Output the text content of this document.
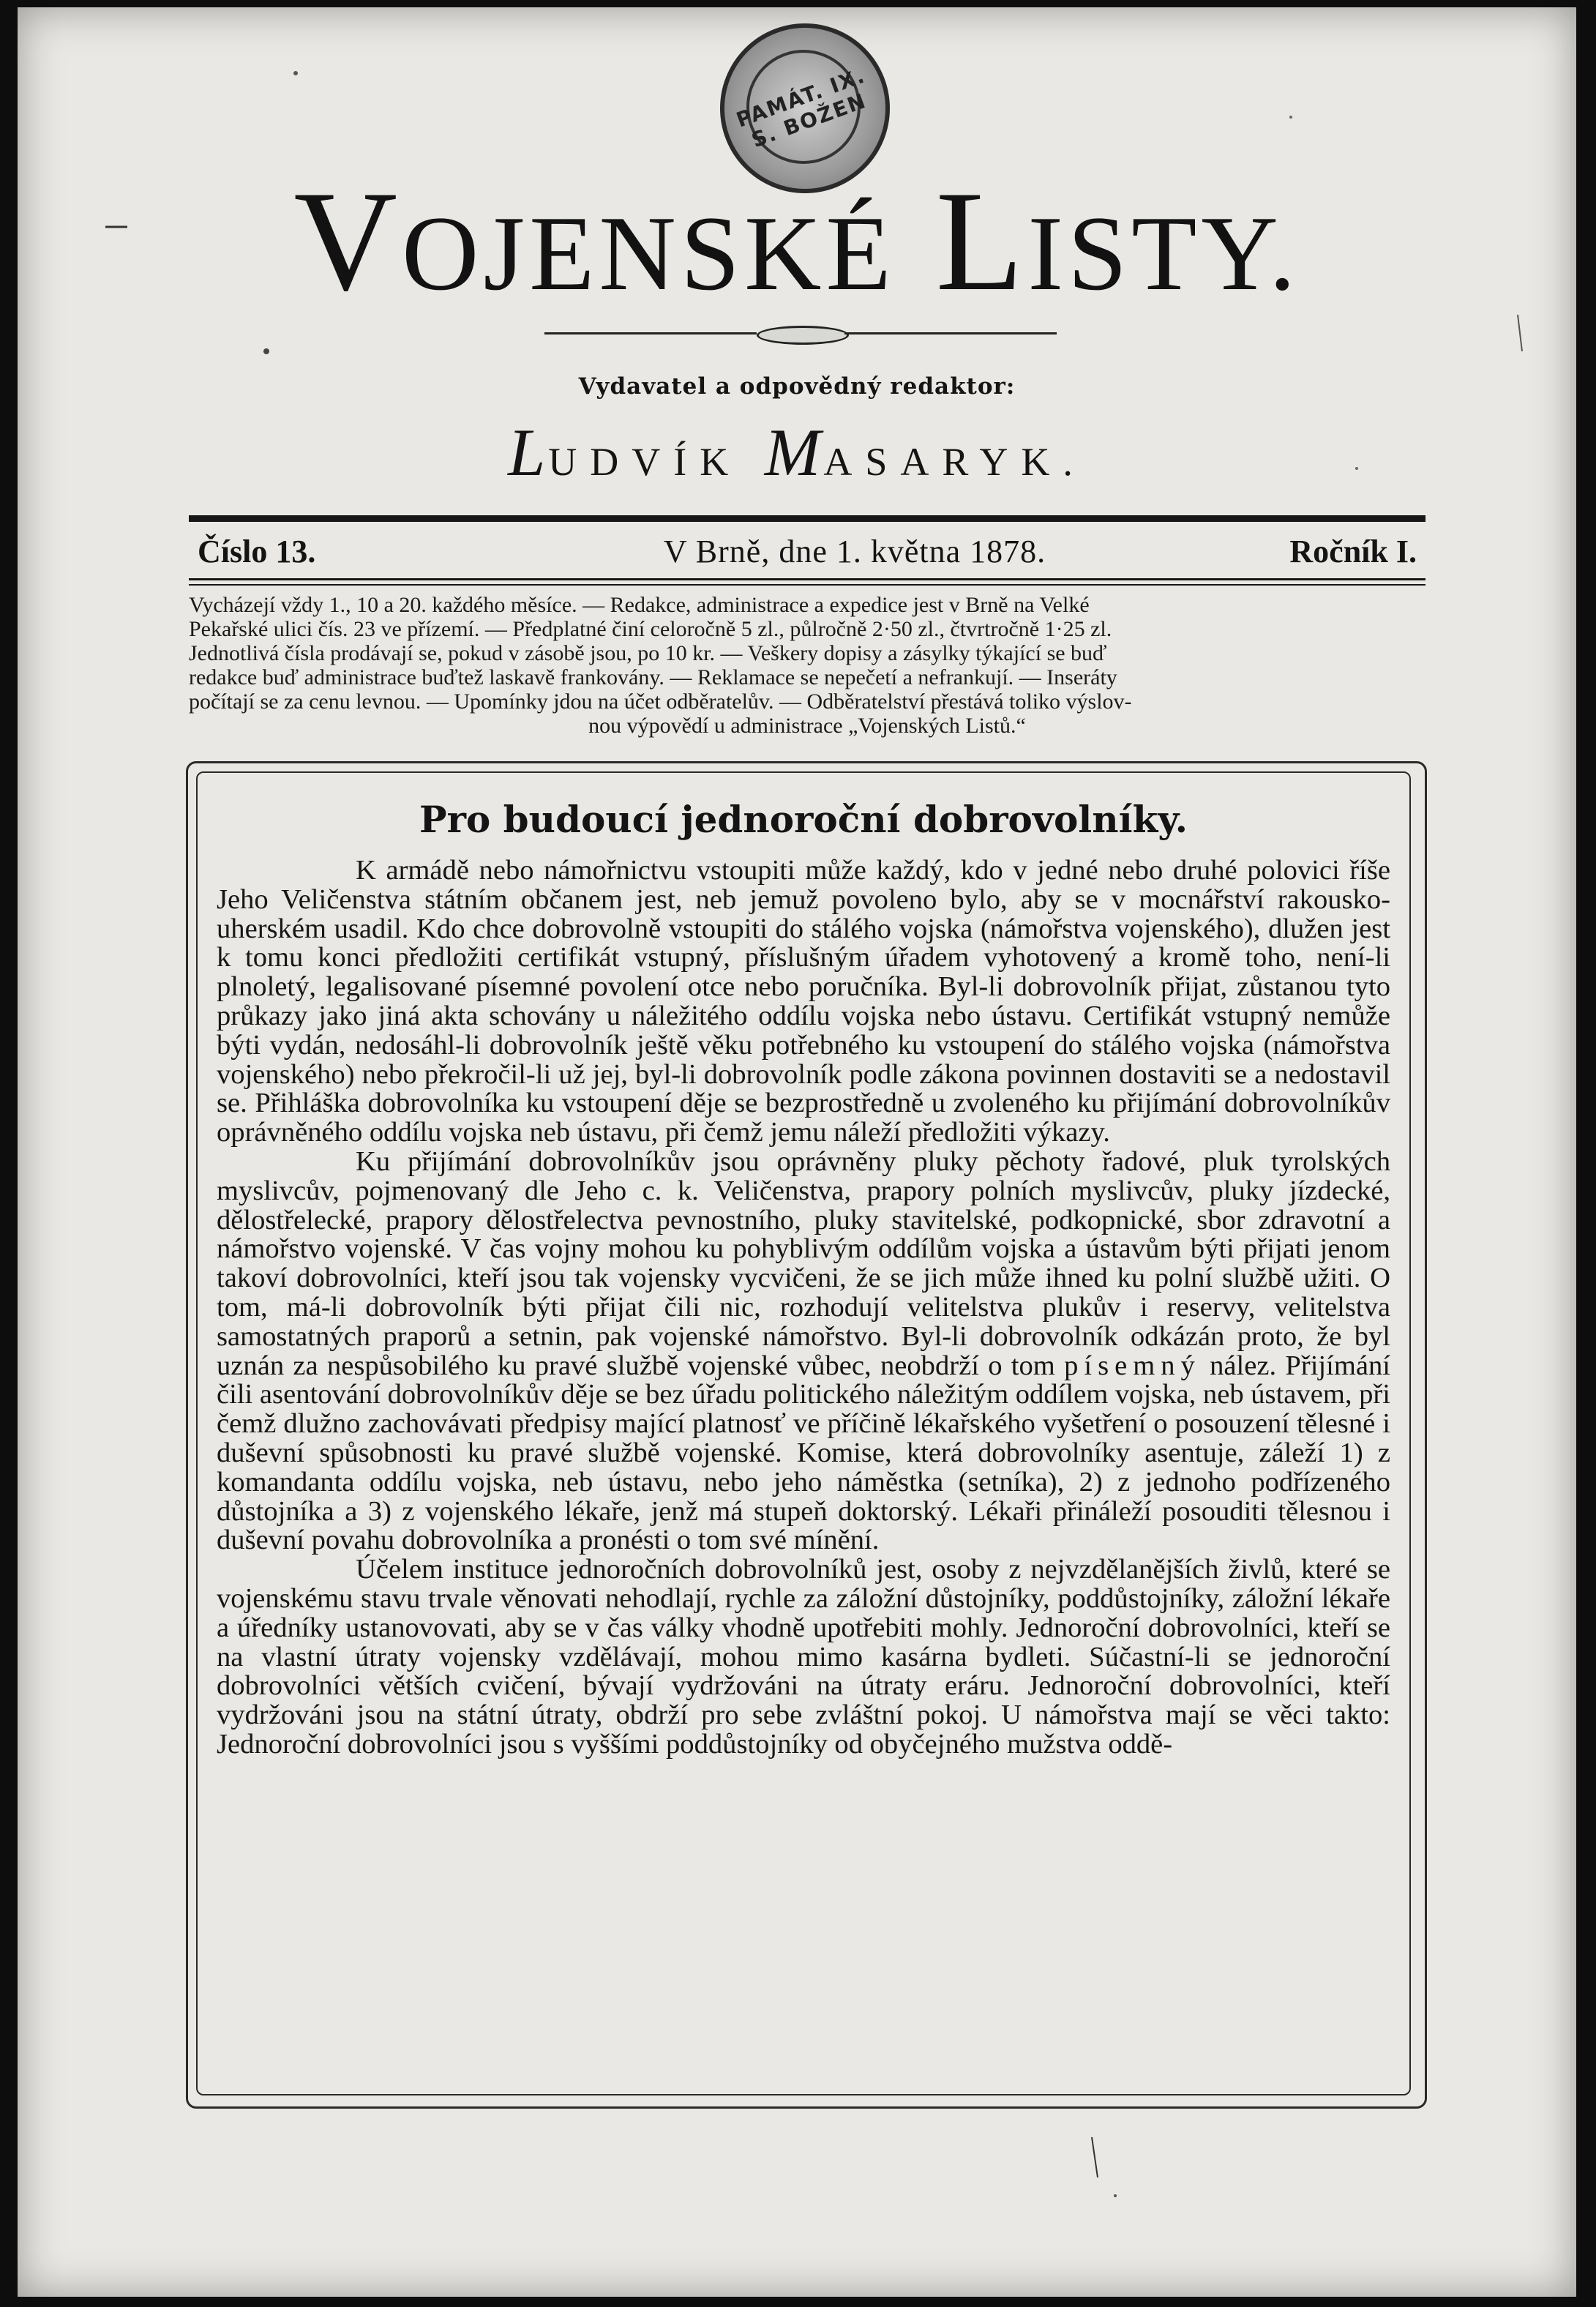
PAMÁT. IX. S. BOŽEN
VOJENSKÉ LISTY.
Vydavatel a odpovědný redaktor:
LUDVÍK MASARYK.
Číslo 13.	V Brně, dne 1. května 1878.	Ročník I.

Vycházejí vždy 1., 10 a 20. každého měsíce. — Redakce, administrace a expedice jest v Brně na Velké

Pekařské ulici čís. 23 ve přízemí. — Předplatné činí celoročně 5 zl., půlročně 2·50 zl., čtvrtročně 1·25 zl.

Jednotlivá čísla prodávají se, pokud v zásobě jsou, po 10 kr. — Veškery dopisy a zásylky týkající se buď

redakce buď administrace buďtež laskavě frankovány. — Reklamace se nepečetí a nefrankují. — Inseráty

počítají se za cenu levnou. — Upomínky jdou na účet odběratelův. — Odběratelství přestává toliko výslov-

nou výpovědí u administrace „Vojenských Listů.“

Pro budoucí jednoroční dobrovolníky.

K armádě nebo námořnictvu vstoupiti může každý, kdo v jedné nebo druhé polovici říše Jeho Veličenstva státním občanem jest, neb jemuž povoleno bylo, aby se v mocnářství rakousko-uherském usadil. Kdo chce dobrovolně vstoupiti do stálého vojska (námořstva vojenského), dlužen jest k tomu konci předložiti certifikát vstupný, příslušným úřadem vyhotovený a kromě toho, není-li plnoletý, legalisované písemné povolení otce nebo poručníka. Byl-li dobrovolník přijat, zůstanou tyto průkazy jako jiná akta schovány u náležitého oddílu vojska nebo ústavu. Certifikát vstupný nemůže býti vydán, nedosáhl-li dobrovolník ještě věku potřebného ku vstoupení do stálého vojska (námořstva vojenského) nebo překročil-li už jej, byl-li dobrovolník podle zákona povinnen dostaviti se a nedostavil se. Přihláška dobrovolníka ku vstoupení děje se bezprostředně u zvoleného ku přijímání dobrovolníkův oprávněného oddílu vojska neb ústavu, při čemž jemu náleží předložiti výkazy.

Ku přijímání dobrovolníkův jsou oprávněny pluky pěchoty řadové, pluk tyrolských myslivcův, pojmenovaný dle Jeho c. k. Veličenstva, prapory polních myslivcův, pluky jízdecké, dělostřelecké, prapory dělostřelectva pevnostního, pluky stavitelské, podkopnické, sbor zdravotní a námořstvo vojenské. V čas vojny mohou ku pohyblivým oddílům vojska a ústavům býti přijati jenom takoví dobrovolníci, kteří jsou tak vojensky vycvičeni, že se jich může ihned ku polní službě užiti. O tom, má-li dobrovolník býti přijat čili nic, rozhodují velitelstva plukův i reservy, velitelstva samostatných praporů a setnin, pak vojenské námořstvo. Byl-li dobrovolník odkázán proto, že byl uznán za nespůsobilého ku pravé službě vojenské vůbec, neobdrží o tom písemný nález. Přijímání čili asentování dobrovolníkův děje se bez úřadu politického náležitým oddílem vojska, neb ústavem, při čemž dlužno zachovávati předpisy mající platnosť ve příčině lékařského vyšetření o posouzení tělesné i duševní spůsobnosti ku pravé službě vojenské. Komise, která dobrovolníky asentuje, záleží 1) z komandanta oddílu vojska, neb ústavu, nebo jeho náměstka (setníka), 2) z jednoho podřízeného důstojníka a 3) z vojenského lékaře, jenž má stupeň doktorský. Lékaři přináleží posouditi tělesnou i duševní povahu dobrovolníka a pronésti o tom své mínění.

Účelem instituce jednoročních dobrovolníků jest, osoby z nejvzdělanějších živlů, které se vojenskému stavu trvale věnovati nehodlají, rychle za záložní důstojníky, poddůstojníky, záložní lékaře a úředníky ustanovovati, aby se v čas války vhodně upotřebiti mohly. Jednoroční dobrovolníci, kteří se na vlastní útraty vojensky vzdělávají, mohou mimo kasárna bydleti. Súčastní-li se jednoroční dobrovolníci větších cvičení, bývají vydržováni na útraty eráru. Jednoroční dobrovolníci, kteří vydržováni jsou na státní útraty, obdrží pro sebe zvláštní pokoj. U námořstva mají se věci takto: Jednoroční dobrovolníci jsou s vyššími poddůstojníky od obyčejného mužstva oddě-
